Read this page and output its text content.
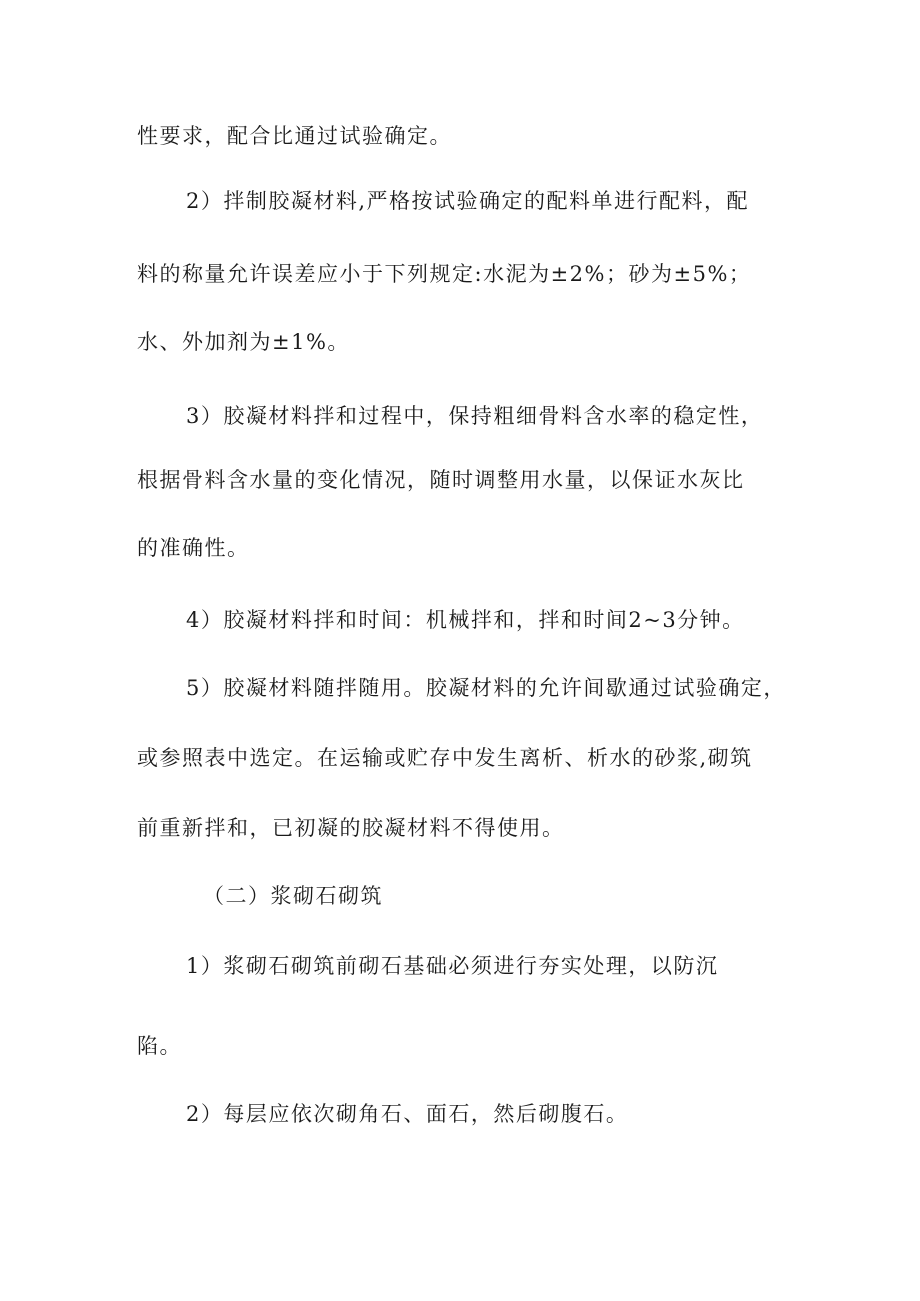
性要求，配合比通过试验确定。
2）拌制胶凝材料,严格按试验确定的配料单进行配料，配
料的称量允许误差应小于下列规定:水泥为±2%；砂为±5%；
水、外加剂为±1%。
3）胶凝材料拌和过程中，保持粗细骨料含水率的稳定性，
根据骨料含水量的变化情况，随时调整用水量，以保证水灰比
的准确性。
4）胶凝材料拌和时间：机械拌和，拌和时间2~3分钟。
5）胶凝材料随拌随用。胶凝材料的允许间歇通过试验确定，
或参照表中选定。在运输或贮存中发生离析、析水的砂浆,砌筑
前重新拌和，已初凝的胶凝材料不得使用。
（二）浆砌石砌筑
1）浆砌石砌筑前砌石基础必须进行夯实处理，以防沉
陷。
2）每层应依次砌角石、面石，然后砌腹石。
